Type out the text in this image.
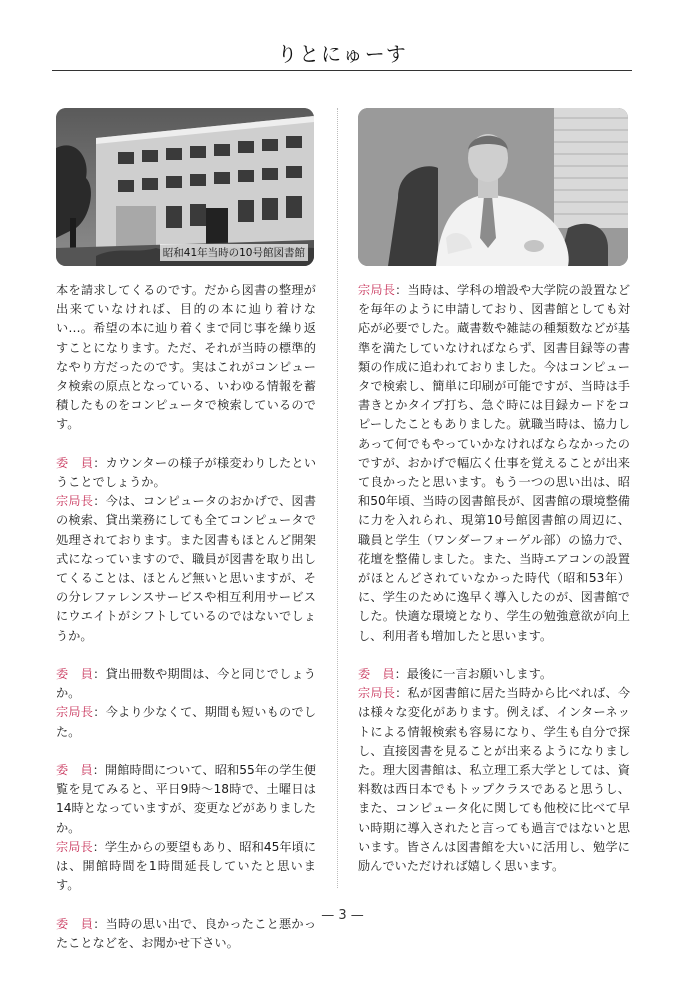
りとにゅーす
昭和41年当時の10号館図書館

本を請求してくるのです。だから図書の整理が出来ていなければ、目的の本に辿り着けない…。希望の本に辿り着くまで同じ事を繰り返すことになります。ただ、それが当時の標準的なやり方だったのです。実はこれがコンピュータ検索の原点となっている、いわゆる情報を蓄積したものをコンピュータで検索しているのです。

委　員：カウンターの様子が様変わりしたということでしょうか。

宗局長：今は、コンピュータのおかげで、図書の検索、貸出業務にしても全てコンピュータで処理されております。また図書もほとんど開架式になっていますので、職員が図書を取り出してくることは、ほとんど無いと思いますが、その分レファレンスサービスや相互利用サービスにウエイトがシフトしているのではないでしょうか。

委　員：貸出冊数や期間は、今と同じでしょうか。

宗局長：今より少なくて、期間も短いものでした。

委　員：開館時間について、昭和55年の学生便覧を見てみると、平日9時〜18時で、土曜日は14時となっていますが、変更などがありましたか。

宗局長：学生からの要望もあり、昭和45年頃には、開館時間を1時間延長していたと思います。

委　員：当時の思い出で、良かったこと悪かったことなどを、お聞かせ下さい。

宗局長：当時は、学科の増設や大学院の設置などを毎年のように申請しており、図書館としても対応が必要でした。蔵書数や雑誌の種類数などが基準を満たしていなければならず、図書目録等の書類の作成に追われておりました。今はコンピュータで検索し、簡単に印刷が可能ですが、当時は手書きとかタイプ打ち、急ぐ時には目録カードをコピーしたこともありました。就職当時は、協力しあって何でもやっていかなければならなかったのですが、おかげで幅広く仕事を覚えることが出来て良かったと思います。もう一つの思い出は、昭和50年頃、当時の図書館長が、図書館の環境整備に力を入れられ、現第10号館図書館の周辺に、職員と学生（ワンダーフォーゲル部）の協力で、花壇を整備しました。また、当時エアコンの設置がほとんどされていなかった時代（昭和53年）に、学生のために逸早く導入したのが、図書館でした。快適な環境となり、学生の勉強意欲が向上し、利用者も増加したと思います。

委　員：最後に一言お願いします。

宗局長：私が図書館に居た当時から比べれば、今は様々な変化があります。例えば、インターネットによる情報検索も容易になり、学生も自分で探し、直接図書を見ることが出来るようになりました。理大図書館は、私立理工系大学としては、資料数は西日本でもトップクラスであると思うし、また、コンピュータ化に関しても他校に比べて早い時期に導入されたと言っても過言ではないと思います。皆さんは図書館を大いに活用し、勉学に励んでいただければ嬉しく思います。

— 3 —
